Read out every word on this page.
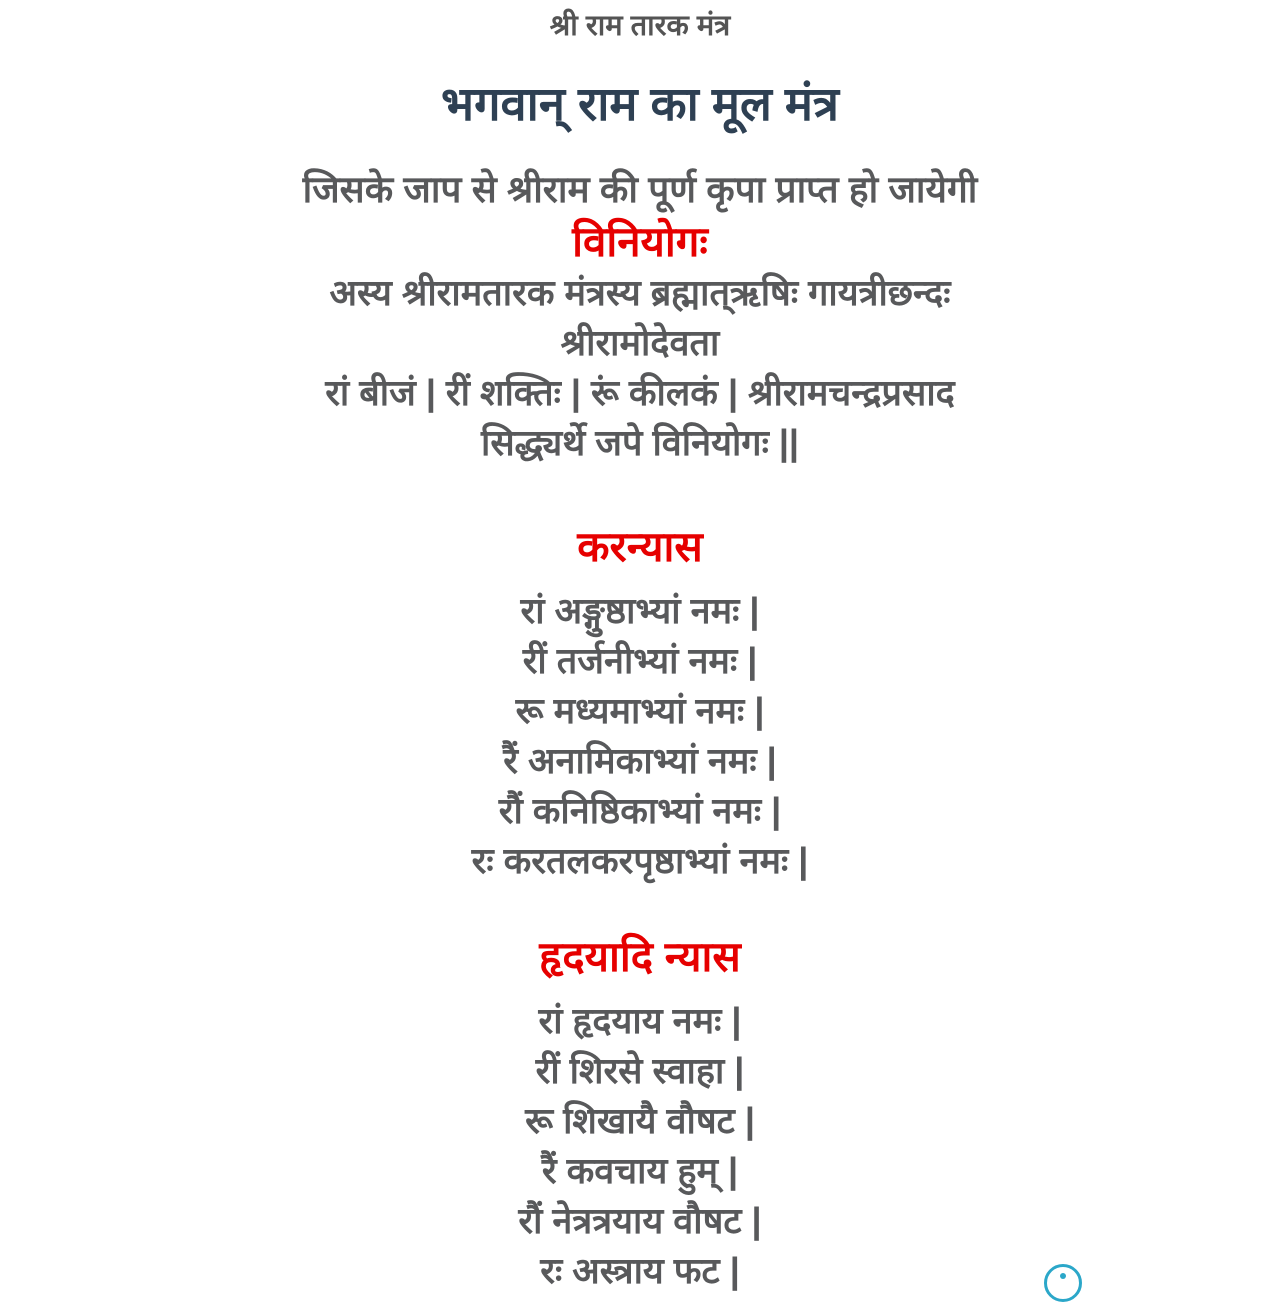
श्री राम तारक मंत्र
भगवान् राम का मूल मंत्र
जिसके जाप से श्रीराम की पूर्ण कृपा प्राप्त हो जायेगी
विनियोगः
अस्य श्रीरामतारक मंत्रस्य ब्रह्मात्ऋषिः गायत्रीछन्दः
श्रीरामोदेवता
रां बीजं | रीं शक्तिः | रूं कीलकं | श्रीरामचन्द्रप्रसाद
सिद्ध्यर्थे जपे विनियोगः ||
करन्यास
रां अङ्गुष्ठाभ्यां नमः |
रीं तर्जनीभ्यां नमः |
रू मध्यमाभ्यां नमः |
रैं अनामिकाभ्यां नमः |
रौं कनिष्ठिकाभ्यां नमः |
रः करतलकरपृष्ठाभ्यां नमः |
हृदयादि न्यास
रां हृदयाय नमः |
रीं शिरसे स्वाहा |
रू शिखायै वौषट |
रैं कवचाय हुम् |
रौं नेत्रत्रयाय वौषट |
रः अस्त्राय फट |
